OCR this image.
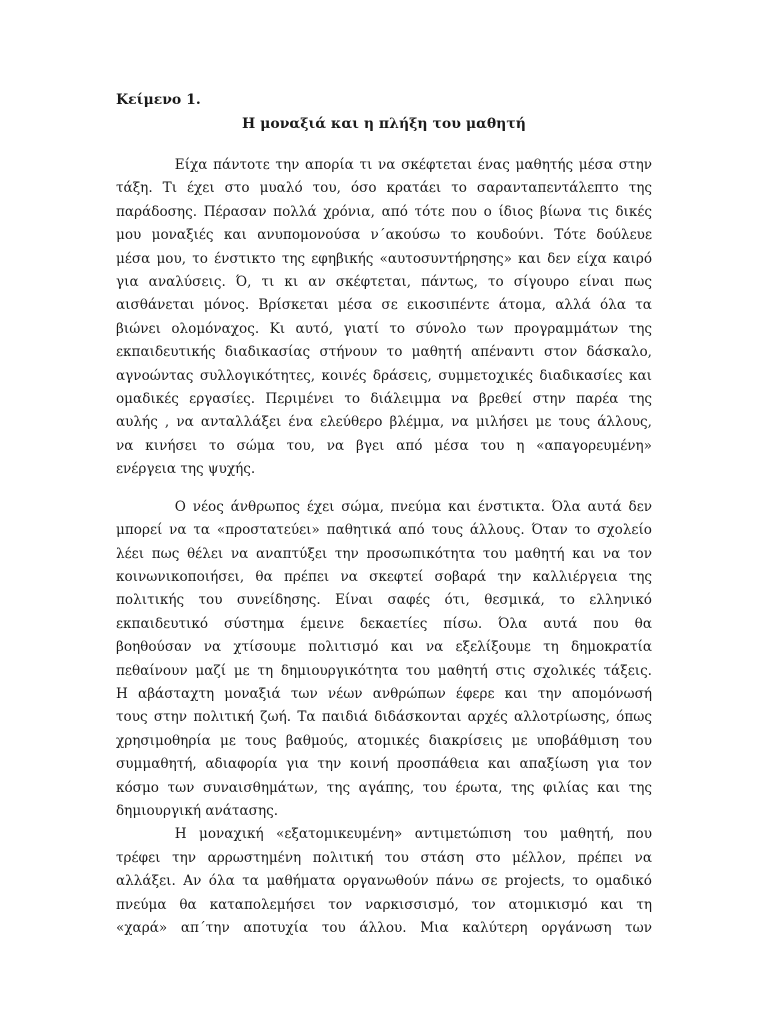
Κείμενο 1.
Η μοναξιά και η πλήξη του μαθητή
   Είχα πάντοτε την απορία τι να σκέφτεται ένας μαθητής μέσα στην
τάξη. Τι έχει στο μυαλό του, όσο κρατάει το σαρανταπεντάλεπτο της
παράδοσης. Πέρασαν πολλά χρόνια, από τότε που ο ίδιος βίωνα τις δικές
μου μοναξιές και ανυπομονούσα ν΄ακούσω το κουδούνι. Τότε δούλευε
μέσα μου, το ένστικτο της εφηβικής «αυτοσυντήρησης» και δεν είχα καιρό
για αναλύσεις. Ό, τι κι αν σκέφτεται, πάντως, το σίγουρο είναι πως
αισθάνεται μόνος. Βρίσκεται μέσα σε εικοσιπέντε άτομα, αλλά όλα τα
βιώνει ολομόναχος. Κι αυτό, γιατί το σύνολο των προγραμμάτων της
εκπαιδευτικής διαδικασίας στήνουν το μαθητή απέναντι στον δάσκαλο,
αγνοώντας συλλογικότητες, κοινές δράσεις, συμμετοχικές διαδικασίες και
ομαδικές εργασίες. Περιμένει το διάλειμμα να βρεθεί στην παρέα της
αυλής , να ανταλλάξει ένα ελεύθερο βλέμμα, να μιλήσει με τους άλλους,
να κινήσει το σώμα του, να βγει από μέσα του η «απαγορευμένη»
ενέργεια της ψυχής.
   Ο νέος άνθρωπος έχει σώμα, πνεύμα και ένστικτα. Όλα αυτά δεν
μπορεί να τα «προστατεύει» παθητικά από τους άλλους. Όταν το σχολείο
λέει πως θέλει να αναπτύξει την προσωπικότητα του μαθητή και να τον
κοινωνικοποιήσει, θα πρέπει να σκεφτεί σοβαρά την καλλιέργεια της
πολιτικής του συνείδησης. Είναι σαφές ότι, θεσμικά, το ελληνικό
εκπαιδευτικό σύστημα έμεινε δεκαετίες πίσω. Όλα αυτά που θα
βοηθούσαν να χτίσουμε πολιτισμό και να εξελίξουμε τη δημοκρατία
πεθαίνουν μαζί με τη δημιουργικότητα του μαθητή στις σχολικές τάξεις.
Η αβάσταχτη μοναξιά των νέων ανθρώπων έφερε και την απομόνωσή
τους στην πολιτική ζωή. Τα παιδιά διδάσκονται αρχές αλλοτρίωσης, όπως
χρησιμοθηρία με τους βαθμούς, ατομικές διακρίσεις με υποβάθμιση του
συμμαθητή, αδιαφορία για την κοινή προσπάθεια και απαξίωση για τον
κόσμο των συναισθημάτων, της αγάπης, του έρωτα, της φιλίας και της
δημιουργική ανάτασης.
   Η μοναχική «εξατομικευμένη» αντιμετώπιση του μαθητή, που
τρέφει την αρρωστημένη πολιτική του στάση στο μέλλον, πρέπει να
αλλάξει. Αν όλα τα μαθήματα οργανωθούν πάνω σε projects, το ομαδικό
πνεύμα θα καταπολεμήσει τον ναρκισσισμό, τον ατομικισμό και τη
«χαρά» απ΄την αποτυχία του άλλου. Μια καλύτερη οργάνωση των
